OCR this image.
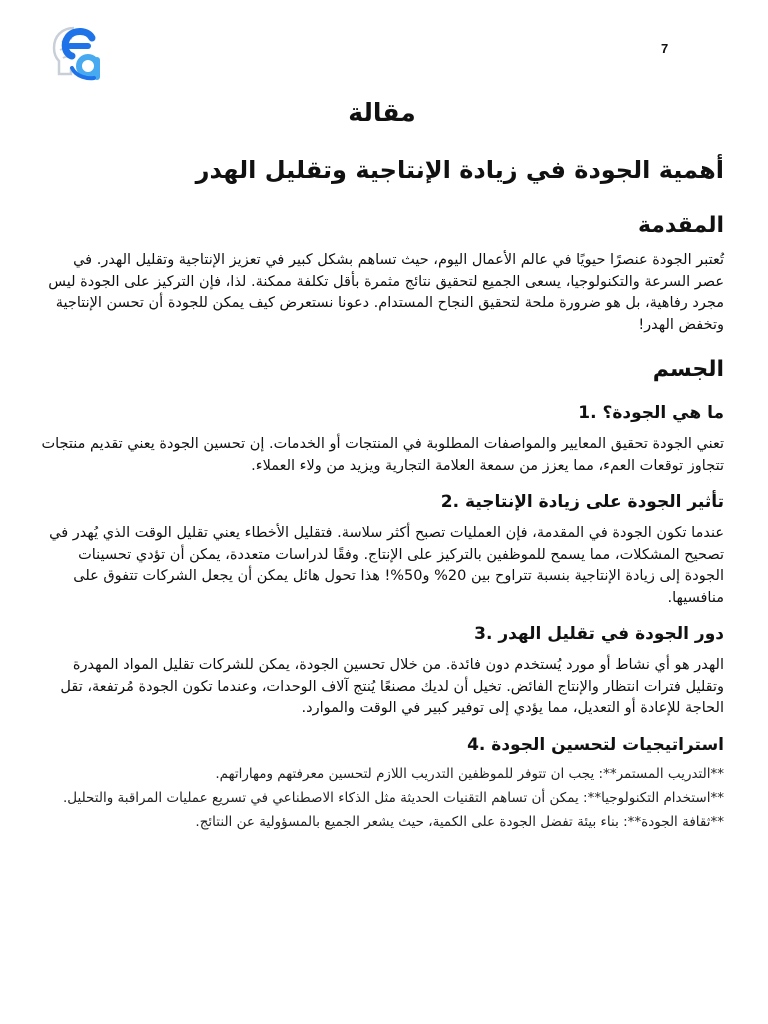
7
مقالة
أهمية الجودة في زيادة الإنتاجية وتقليل الهدر
المقدمة

تُعتبر الجودة عنصرًا حيويًا في عالم الأعمال اليوم، حيث تساهم بشكل كبير في تعزيز الإنتاجية وتقليل الهدر. في عصر السرعة والتكنولوجيا، يسعى الجميع لتحقيق نتائج مثمرة بأقل تكلفة ممكنة. لذا، فإن التركيز على الجودة ليس مجرد رفاهية، بل هو ضرورة ملحة لتحقيق النجاح المستدام. دعونا نستعرض كيف يمكن للجودة أن تحسن الإنتاجية وتخفض الهدر!

الجسم
ما هي الجودة؟ .1

تعني الجودة تحقيق المعايير والمواصفات المطلوبة في المنتجات أو الخدمات. إن تحسين الجودة يعني تقديم منتجات تتجاوز توقعات العمء، مما يعزز من سمعة العلامة التجارية ويزيد من ولاء العملاء.

تأثير الجودة على زيادة الإنتاجية .2

عندما تكون الجودة في المقدمة، فإن العمليات تصبح أكثر سلاسة. فتقليل الأخطاء يعني تقليل الوقت الذي يُهدر في تصحيح المشكلات، مما يسمح للموظفين بالتركيز على الإنتاج. وفقًا لدراسات متعددة، يمكن أن تؤدي تحسينات الجودة إلى زيادة الإنتاجية بنسبة تتراوح بين 20% و50%! هذا تحول هائل يمكن أن يجعل الشركات تتفوق على منافسيها.

دور الجودة في تقليل الهدر .3

الهدر هو أي نشاط أو مورد يُستخدم دون فائدة. من خلال تحسين الجودة، يمكن للشركات تقليل المواد المهدرة وتقليل فترات انتظار والإنتاج الفائض. تخيل أن لديك مصنعًا يُنتج آلاف الوحدات، وعندما تكون الجودة مُرتفعة، تقل الحاجة للإعادة أو التعديل، مما يؤدي إلى توفير كبير في الوقت والموارد.

استراتيجيات لتحسين الجودة .4
**التدريب المستمر**: يجب ان تتوفر للموظفين التدريب اللازم لتحسين معرفتهم ومهاراتهم.
**استخدام التكنولوجيا**: يمكن أن تساهم التقنيات الحديثة مثل الذكاء الاصطناعي في تسريع عمليات المراقبة والتحليل.
**ثقافة الجودة**: بناء بيئة تفضل الجودة على الكمية، حيث يشعر الجميع بالمسؤولية عن النتائج.
